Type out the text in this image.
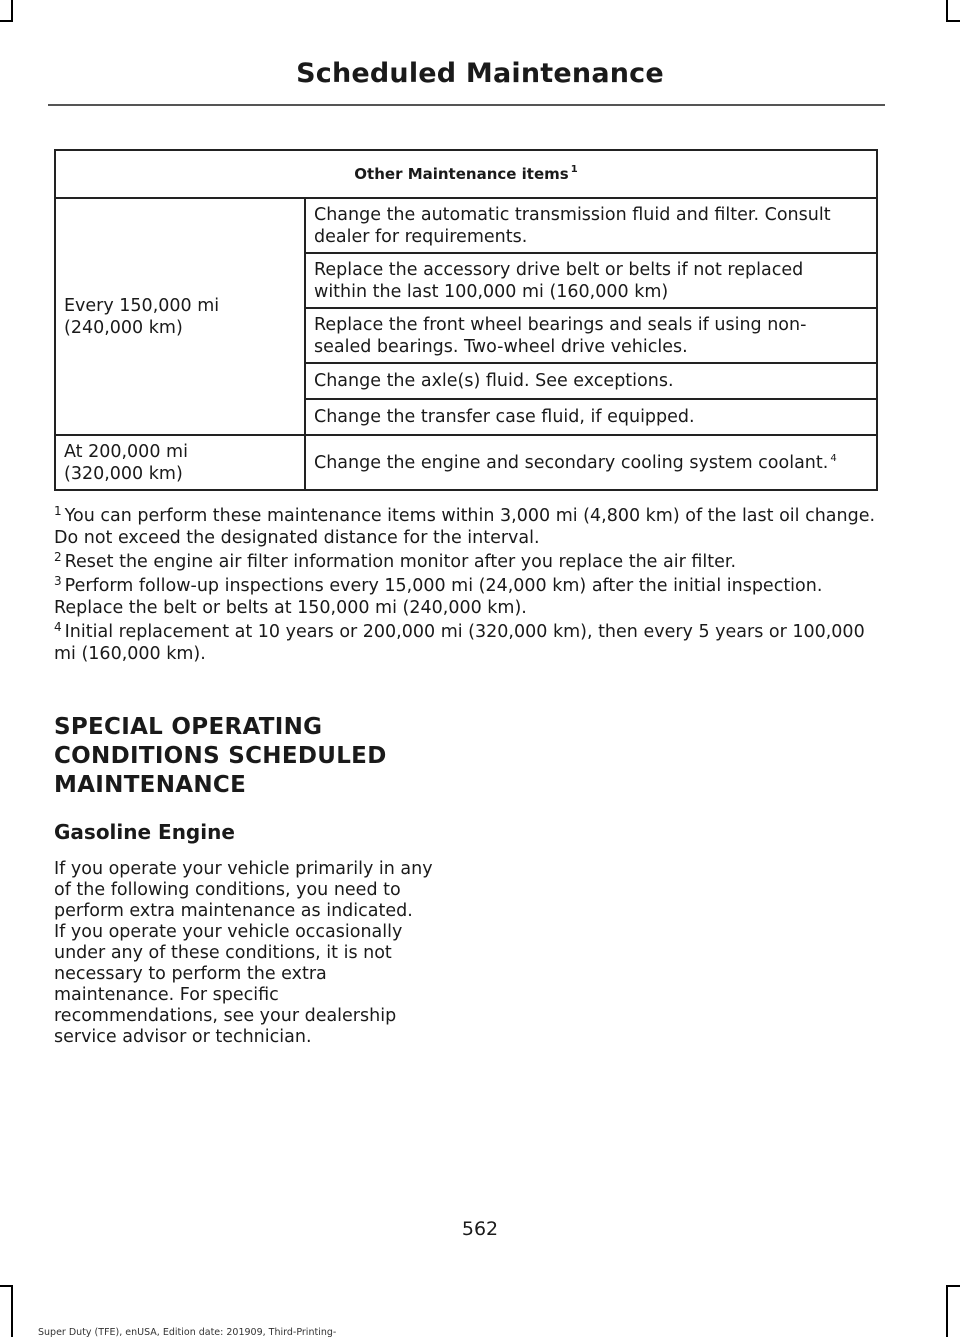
Scheduled Maintenance
Other Maintenance items $^1$
Every 150,000 mi
(240,000 km)	Change the automatic transmission fluid and filter. Consult
dealer for requirements.
	Replace the accessory drive belt or belts if not replaced
within the last 100,000 mi (160,000 km)
	Replace the front wheel bearings and seals if using non-
sealed bearings. Two-wheel drive vehicles.
	Change the axle(s) fluid. See exceptions.
	Change the transfer case fluid, if equipped.
At 200,000 mi
(320,000 km)	Change the engine and secondary cooling system coolant. $^4$

$^1$ You can perform these maintenance items within 3,000 mi (4,800 km) of the last oil change. Do not exceed the designated distance for the interval.

$^2$ Reset the engine air filter information monitor after you replace the air filter.

$^3$ Perform follow-up inspections every 15,000 mi (24,000 km) after the initial inspection. Replace the belt or belts at 150,000 mi (240,000 km).

$^4$ Initial replacement at 10 years or 200,000 mi (320,000 km), then every 5 years or 100,000 mi (160,000 km).

SPECIAL OPERATING
CONDITIONS SCHEDULED
MAINTENANCE
Gasoline Engine
If you operate your vehicle primarily in any
of the following conditions, you need to
perform extra maintenance as indicated.
If you operate your vehicle occasionally
under any of these conditions, it is not
necessary to perform the extra
maintenance. For specific
recommendations, see your dealership
service advisor or technician.
562
Super Duty (TFE), enUSA, Edition date: 201909, Third-Printing-
